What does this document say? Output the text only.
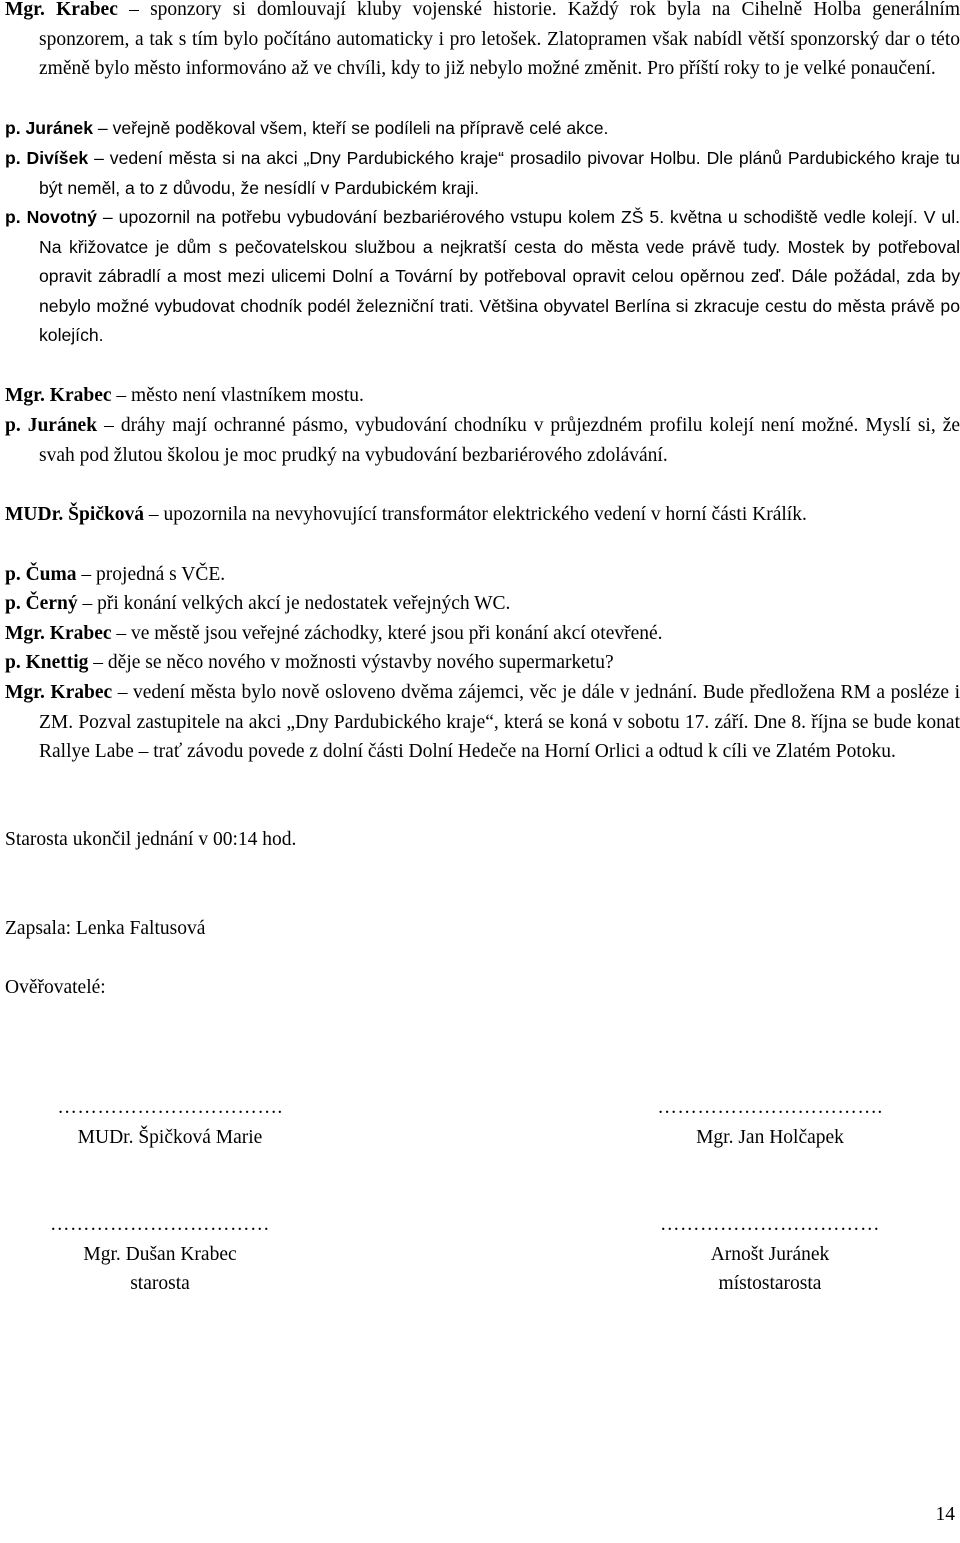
Mgr. Krabec – sponzory si domlouvají kluby vojenské historie. Každý rok byla na Cihelně Holba generálním sponzorem, a tak s tím bylo počítáno automaticky i pro letošek. Zlatopramen však nabídl větší sponzorský dar o této změně bylo město informováno až ve chvíli, kdy to již nebylo možné změnit. Pro příští roky to je velké ponaučení.

p. Juránek – veřejně poděkoval všem, kteří se podíleli na přípravě celé akce.

p. Divíšek – vedení města si na akci „Dny Pardubického kraje“ prosadilo pivovar Holbu. Dle plánů Pardubického kraje tu být neměl, a to z důvodu, že nesídlí v Pardubickém kraji.

p. Novotný – upozornil na potřebu vybudování bezbariérového vstupu kolem ZŠ 5. května u schodiště vedle kolejí. V ul. Na křižovatce je dům s pečovatelskou službou a nejkratší cesta do města vede právě tudy. Mostek by potřeboval opravit zábradlí a most mezi ulicemi Dolní a Tovární by potřeboval opravit celou opěrnou zeď. Dále požádal, zda by nebylo možné vybudovat chodník podél železniční trati. Většina obyvatel Berlína si zkracuje cestu do města právě po kolejích.

Mgr. Krabec – město není vlastníkem mostu.

p. Juránek – dráhy mají ochranné pásmo, vybudování chodníku v průjezdném profilu kolejí není možné. Myslí si, že svah pod žlutou školou je moc prudký na vybudování bezbariérového zdolávání.

MUDr. Špičková – upozornila na nevyhovující transformátor elektrického vedení v horní části Králík.

p. Čuma – projedná s VČE.

p. Černý – při konání velkých akcí je nedostatek veřejných WC.

Mgr. Krabec – ve městě jsou veřejné záchodky, které jsou při konání akcí otevřené.

p. Knettig – děje se něco nového v možnosti výstavby nového supermarketu?

Mgr. Krabec – vedení města bylo nově osloveno dvěma zájemci, věc je dále v jednání. Bude předložena RM a posléze i ZM. Pozval zastupitele na akci „Dny Pardubického kraje“, která se koná v sobotu 17. září. Dne 8. října se bude konat Rallye Labe – trať závodu povede z dolní části Dolní Hedeče na Horní Orlici a odtud k cíli ve Zlatém Potoku.

Starosta ukončil jednání v 00:14 hod.
Zapsala: Lenka Faltusová
Ověřovatelé:
…………………………….
MUDr. Špičková Marie
…………………………….
Mgr. Jan Holčapek
……………………………
Mgr. Dušan Krabec
starosta
……………………………
Arnošt Juránek
místostarosta
14
